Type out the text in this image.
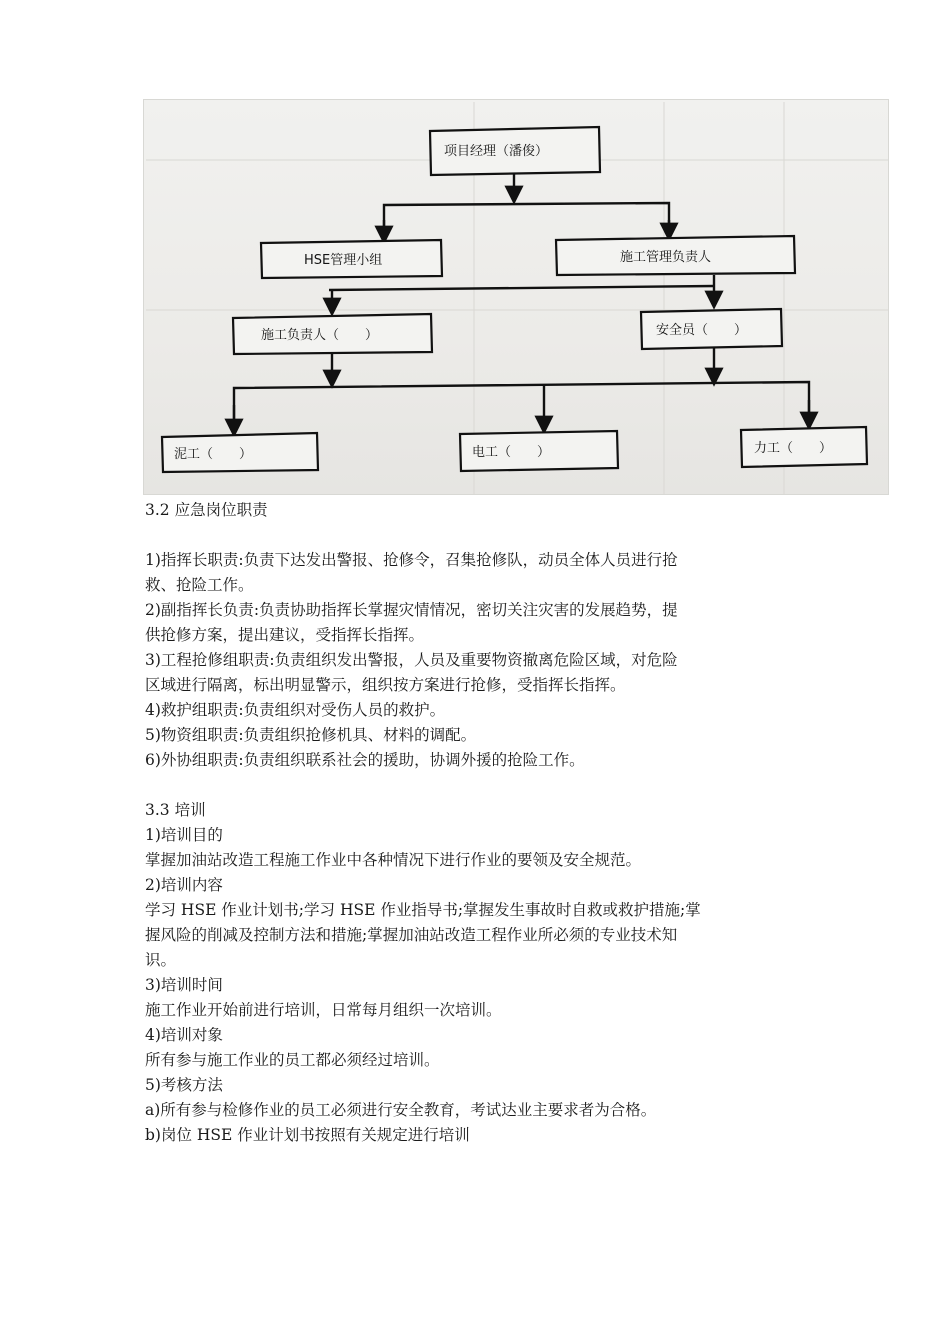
项目经理（潘俊）
HSE管理小组	施工管理负责人
施工负责人（　　）	安全员（　　）
泥工（　　）	电工（　　）	力工（　　）
3.2 应急岗位职责
1)指挥长职责:负责下达发出警报、抢修令，召集抢修队，动员全体人员进行抢
救、抢险工作。
2)副指挥长负责:负责协助指挥长掌握灾情情况，密切关注灾害的发展趋势，提
供抢修方案，提出建议，受指挥长指挥。
3)工程抢修组职责:负责组织发出警报，人员及重要物资撤离危险区域，对危险
区域进行隔离，标出明显警示，组织按方案进行抢修，受指挥长指挥。
4)救护组职责:负责组织对受伤人员的救护。
5)物资组职责:负责组织抢修机具、材料的调配。
6)外协组职责:负责组织联系社会的援助，协调外援的抢险工作。
3.3 培训
1)培训目的
掌握加油站改造工程施工作业中各种情况下进行作业的要领及安全规范。
2)培训内容
学习 HSE 作业计划书;学习 HSE 作业指导书;掌握发生事故时自救或救护措施;掌
握风险的削减及控制方法和措施;掌握加油站改造工程作业所必须的专业技术知
识。
3)培训时间
施工作业开始前进行培训，日常每月组织一次培训。
4)培训对象
所有参与施工作业的员工都必须经过培训。
5)考核方法
a)所有参与检修作业的员工必须进行安全教育，考试达业主要求者为合格。
b)岗位 HSE 作业计划书按照有关规定进行培训
